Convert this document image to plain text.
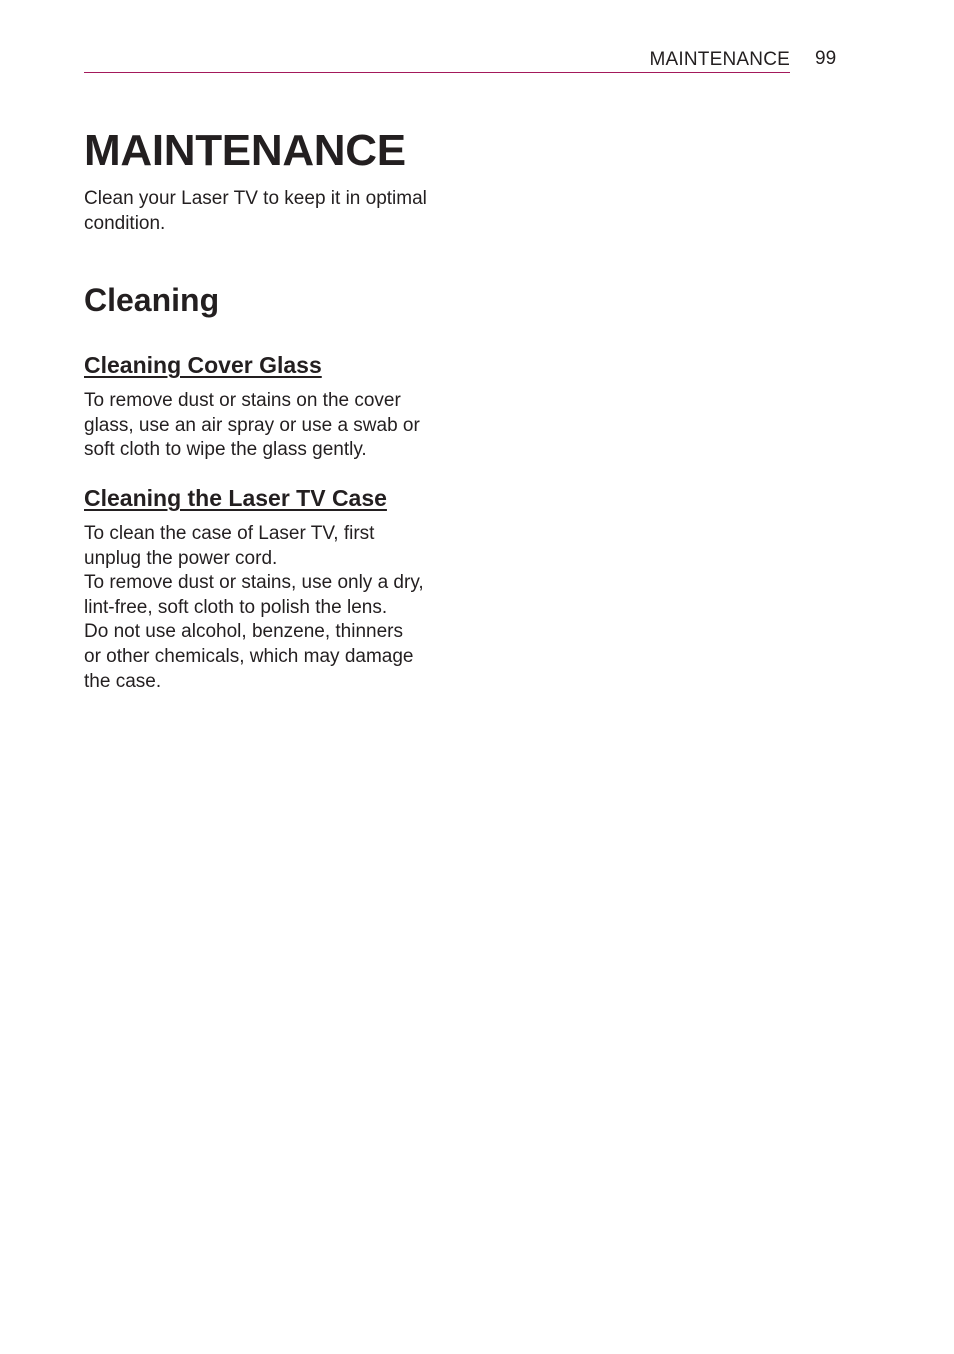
MAINTENANCE 99
MAINTENANCE

Clean your Laser TV to keep it in optimal
condition.

Cleaning
Cleaning Cover Glass

To remove dust or stains on the cover
glass, use an air spray or use a swab or
soft cloth to wipe the glass gently.

Cleaning the Laser TV Case

To clean the case of Laser TV, first
unplug the power cord.
To remove dust or stains, use only a dry,
lint-free, soft cloth to polish the lens.
Do not use alcohol, benzene, thinners
or other chemicals, which may damage
the case.
